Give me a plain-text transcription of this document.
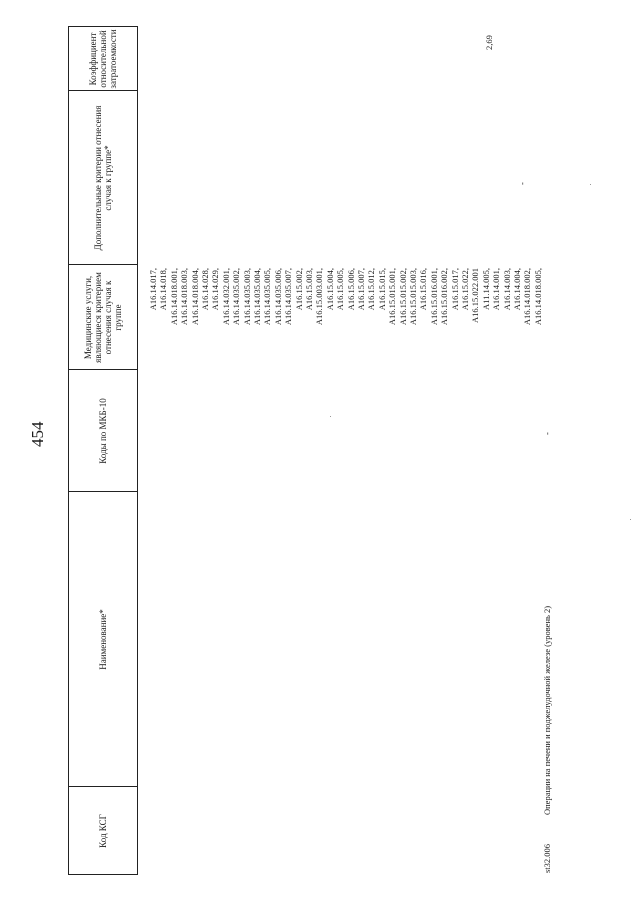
454
Код КСГ
Наименование*
Коды по МКБ-10
Дополнительные критерии отнесения случая к группе*
Коэффициент относительной затратоемкости
Медицинские услуги, являющиеся критерием отнесения случая к группе
st32.006
Операции на печени и поджелудочной железе (уровень 2)
-
-
2,69
A16.14.017, A16.14.018, A16.14.018.001, A16.14.018.003, A16.14.018.004, A16.14.028, A16.14.029, A16.14.032.001, A16.14.035.002, A16.14.035.003, A16.14.035.004, A16.14.035.005, A16.14.035.006, A16.14.035.007, A16.15.002, A16.15.003, A16.15.003.001, A16.15.004, A16.15.005, A16.15.006, A16.15.007, A16.15.012, A16.15.015, A16.15.015.001, A16.15.015.002, A16.15.015.003, A16.15.016, A16.15.016.001, A16.15.016.002, A16.15.017, A16.15.022, A16.15.022.001 A11.14.005, A16.14.001, A16.14.003, A16.14.004, A16.14.018.002, A16.14.018.005,
